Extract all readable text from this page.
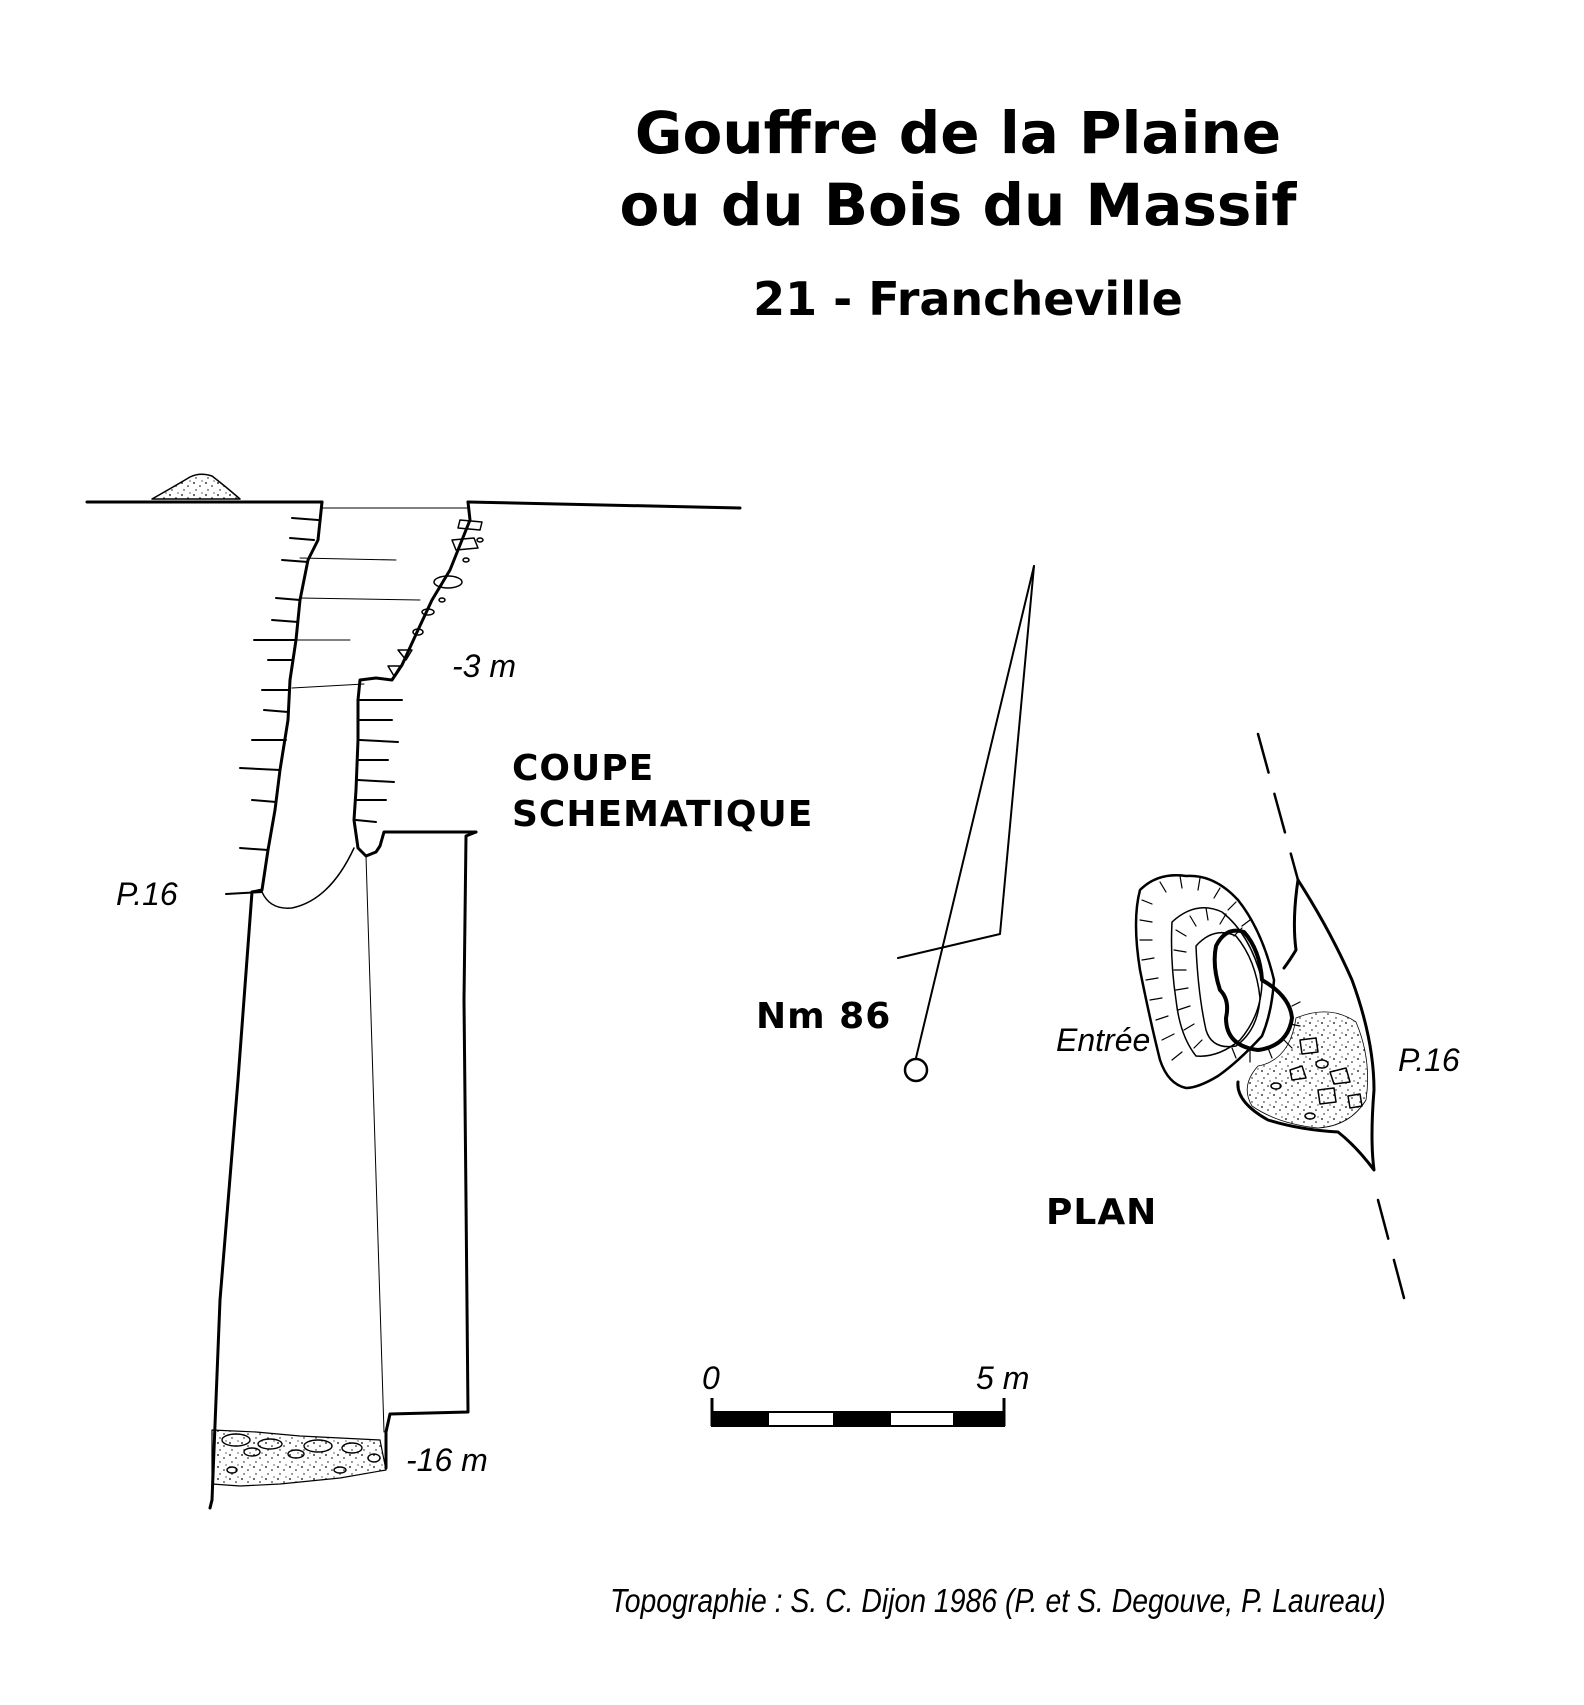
Gouffre de la Plaine
ou du Bois du Massif
21 - Francheville
COUPE
SCHEMATIQUE
-3 m
P.16
-16 m
Nm 86
PLAN
Entrée
P.16
0	5 m
Topographie : S. C. Dijon 1986 (P. et S. Degouve, P. Laureau)
